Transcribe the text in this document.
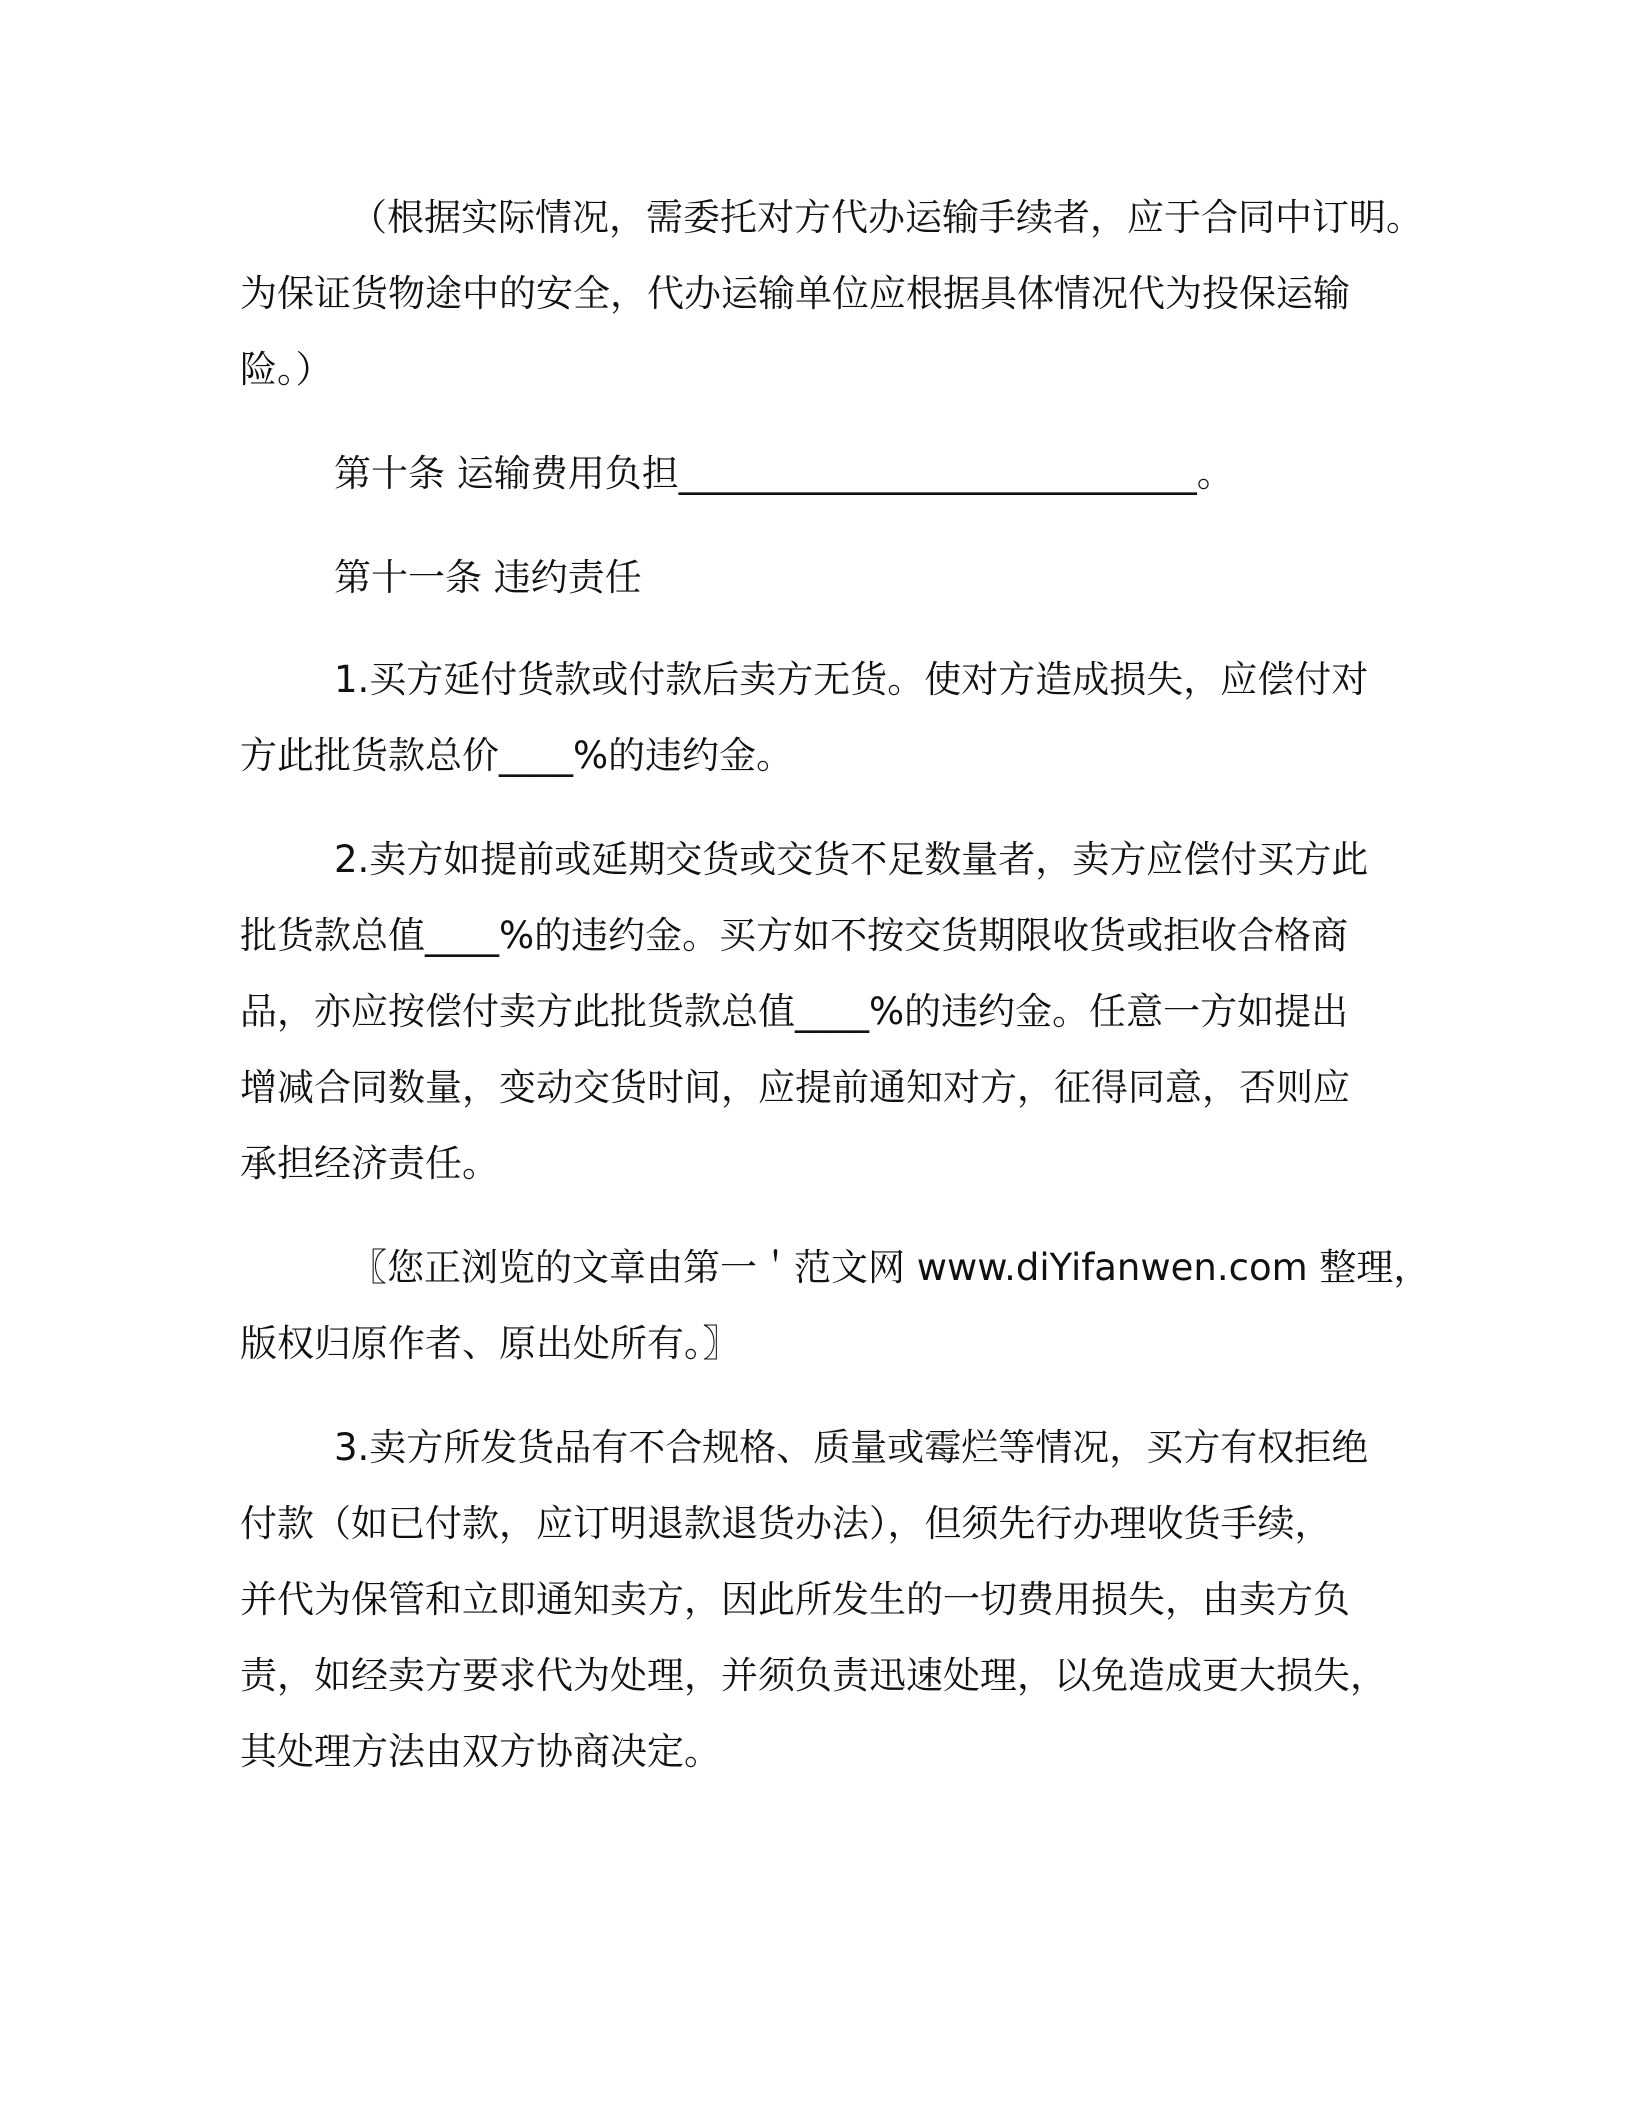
（根据实际情况，需委托对方代办运输手续者，应于合同中订明。
为保证货物途中的安全，代办运输单位应根据具体情况代为投保运输
险。）
第十条 运输费用负担____________________________。
第十一条 违约责任
1.买方延付货款或付款后卖方无货。使对方造成损失，应偿付对
方此批货款总价____%的违约金。
2.卖方如提前或延期交货或交货不足数量者，卖方应偿付买方此
批货款总值____%的违约金。买方如不按交货期限收货或拒收合格商
品，亦应按偿付卖方此批货款总值____%的违约金。任意一方如提出
增减合同数量，变动交货时间，应提前通知对方，征得同意，否则应
承担经济责任。
〖您正浏览的文章由第一＇范文网 www.diYifanwen.com 整理，
版权归原作者、原出处所有。〗
3.卖方所发货品有不合规格、质量或霉烂等情况，买方有权拒绝
付款（如已付款，应订明退款退货办法），但须先行办理收货手续，
并代为保管和立即通知卖方，因此所发生的一切费用损失，由卖方负
责，如经卖方要求代为处理，并须负责迅速处理，以免造成更大损失，
其处理方法由双方协商决定。
